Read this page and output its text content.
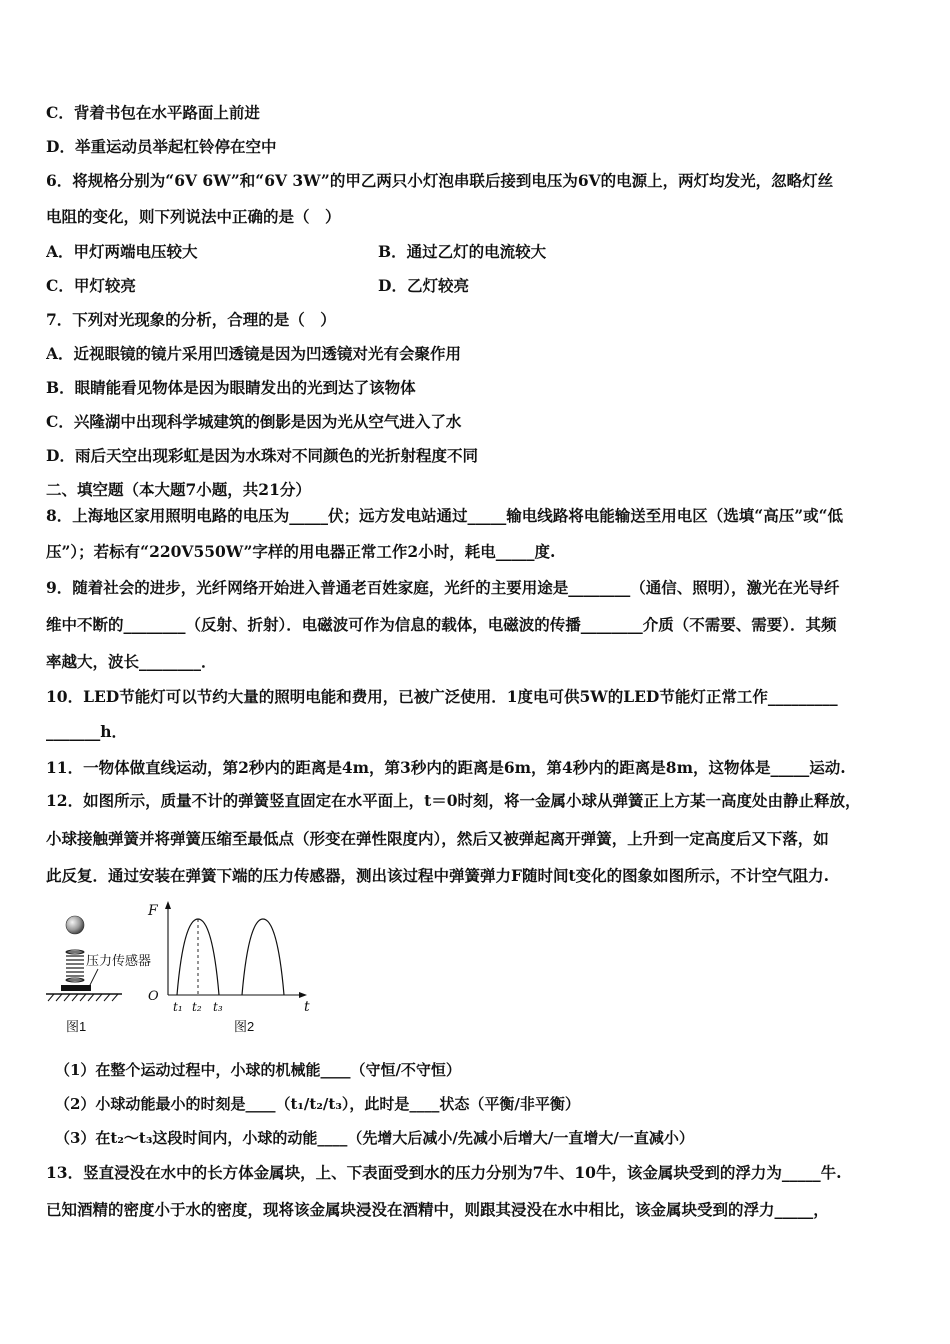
C．背着书包在水平路面上前进
D．举重运动员举起杠铃停在空中
6．将规格分别为“6V 6W”和“6V 3W”的甲乙两只小灯泡串联后接到电压为6V的电源上，两灯均发光，忽略灯丝
电阻的变化，则下列说法中正确的是（　）
A．甲灯两端电压较大	B．通过乙灯的电流较大
C．甲灯较亮	D．乙灯较亮
7．下列对光现象的分析，合理的是（　）
A．近视眼镜的镜片采用凹透镜是因为凹透镜对光有会聚作用
B．眼睛能看见物体是因为眼睛发出的光到达了该物体
C．兴隆湖中出现科学城建筑的倒影是因为光从空气进入了水
D．雨后天空出现彩虹是因为水珠对不同颜色的光折射程度不同
二、填空题（本大题7小题，共21分）
8．上海地区家用照明电路的电压为_____伏；远方发电站通过_____输电线路将电能输送至用电区（选填“高压”或“低
压”）；若标有“220V550W”字样的用电器正常工作2小时，耗电_____度.
9．随着社会的进步，光纤网络开始进入普通老百姓家庭，光纤的主要用途是________（通信、照明），激光在光导纤
维中不断的________（反射、折射）．电磁波可作为信息的载体，电磁波的传播________介质（不需要、需要）．其频
率越大，波长________．
10．LED节能灯可以节约大量的照明电能和费用，已被广泛使用．1度电可供5W的LED节能灯正常工作_________
_______h．
11．一物体做直线运动，第2秒内的距离是4m，第3秒内的距离是6m，第4秒内的距离是8m，这物体是_____运动.
12．如图所示，质量不计的弹簧竖直固定在水平面上，t＝0时刻，将一金属小球从弹簧正上方某一高度处由静止释放，
小球接触弹簧并将弹簧压缩至最低点（形变在弹性限度内），然后又被弹起离开弹簧，上升到一定高度后又下落，如
此反复．通过安装在弹簧下端的压力传感器，测出该过程中弹簧弹力F随时间t变化的图象如图所示，不计空气阻力.
压力传感器
图1
F
t
O
t₁ t₂ t₃
图2
（1）在整个运动过程中，小球的机械能____（守恒/不守恒）
（2）小球动能最小的时刻是____（t₁/t₂/t₃），此时是____状态（平衡/非平衡）
（3）在t₂～t₃这段时间内，小球的动能____（先增大后减小/先减小后增大/一直增大/一直减小）
13．竖直浸没在水中的长方体金属块，上、下表面受到水的压力分别为7牛、10牛，该金属块受到的浮力为_____牛.
已知酒精的密度小于水的密度，现将该金属块浸没在酒精中，则跟其浸没在水中相比，该金属块受到的浮力_____，
